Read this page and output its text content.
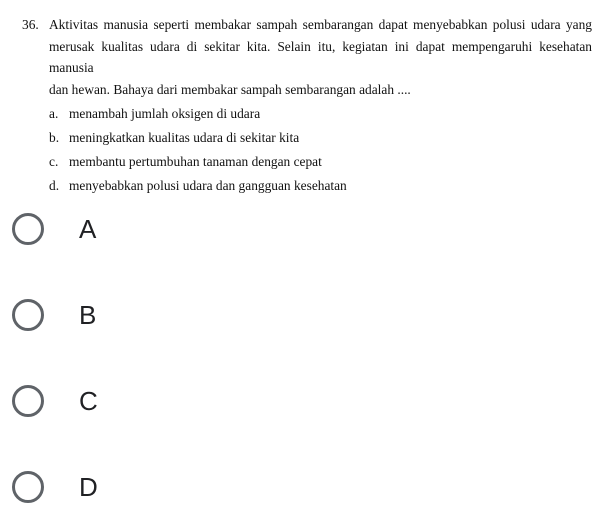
36. Aktivitas manusia seperti membakar sampah sembarangan dapat menyebabkan polusi udara yang
merusak kualitas udara di sekitar kita. Selain itu, kegiatan ini dapat mempengaruhi kesehatan manusia
dan hewan. Bahaya dari membakar sampah sembarangan adalah ....
a. menambah jumlah oksigen di udara
b. meningkatkan kualitas udara di sekitar kita
c. membantu pertumbuhan tanaman dengan cepat
d. menyebabkan polusi udara dan gangguan kesehatan
A
B
C
D
